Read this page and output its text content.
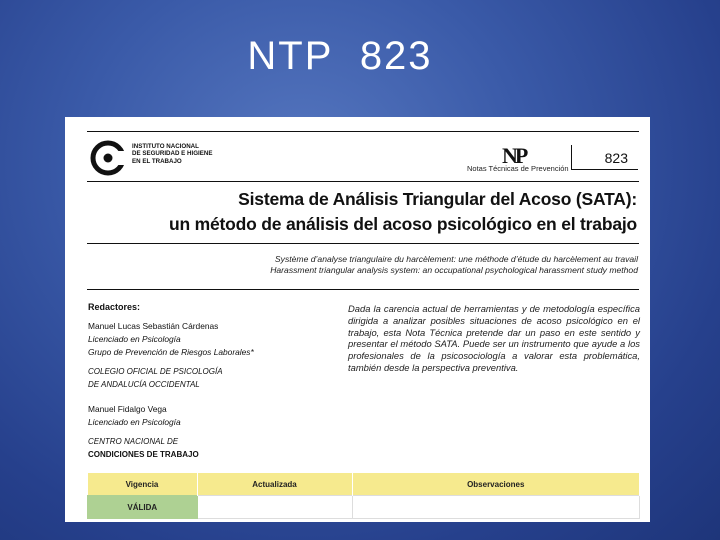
NTP 823
INSTITUTO NACIONAL
DE SEGURIDAD E HIGIENE
EN EL TRABAJO	NP
Notas Técnicas de Prevención
823
Sistema de Análisis Triangular del Acoso (SATA):
un método de análisis del acoso psicológico en el trabajo
Système d’analyse triangulaire du harcèlement: une méthode d’étude du harcèlement au travail
Harassment triangular analysis system: an occupational psychological harassment study method
Redactores:
Manuel Lucas Sebastián Cárdenas
Licenciado en Psicología
Grupo de Prevención de Riesgos Laborales*
COLEGIO OFICIAL DE PSICOLOGÍA
DE ANDALUCÍA OCCIDENTAL
Manuel Fidalgo Vega
Licenciado en Psicología
CENTRO NACIONAL DE
CONDICIONES DE TRABAJO
Dada la carencia actual de herramientas y de metodología específica dirigida a analizar posibles situaciones de acoso psicológico en el trabajo, esta Nota Técnica pretende dar un paso en este sentido y presentar el método SATA. Puede ser un instrumento que ayude a los profesionales de la psicosociología a valorar esta problemática, también desde la perspectiva preventiva.
Vigencia	Actualizada	Observaciones
VÁLIDA		
